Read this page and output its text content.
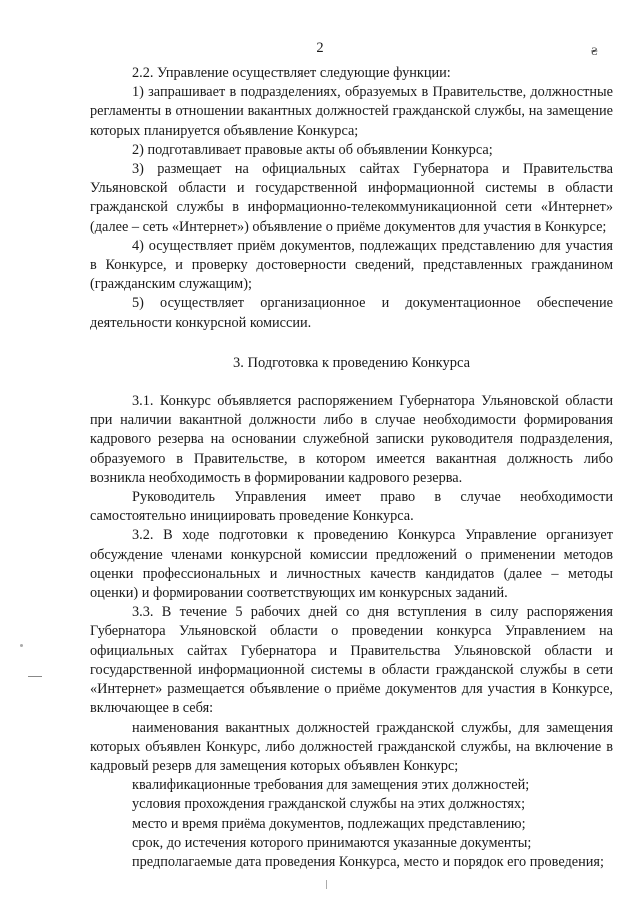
2	₴

2.2. Управление осуществляет следующие функции:

1) запрашивает в подразделениях, образуемых в Правительстве, должностные регламенты в отношении вакантных должностей гражданской службы, на замещение которых планируется объявление Конкурса;

2) подготавливает правовые акты об объявлении Конкурса;

3) размещает на официальных сайтах Губернатора и Правительства Ульяновской области и государственной информационной системы в области гражданской службы в информационно-телекоммуникационной сети «Интернет» (далее – сеть «Интернет») объявление о приёме документов для участия в Конкурсе;

4) осуществляет приём документов, подлежащих представлению для участия в Конкурсе, и проверку достоверности сведений, представленных гражданином (гражданским служащим);

5) осуществляет организационное и документационное обеспечение деятельности конкурсной комиссии.

3. Подготовка к проведению Конкурса

3.1. Конкурс объявляется распоряжением Губернатора Ульяновской области при наличии вакантной должности либо в случае необходимости формирования кадрового резерва на основании служебной записки руководителя подразделения, образуемого в Правительстве, в котором имеется вакантная должность либо возникла необходимость в формировании кадрового резерва.

Руководитель Управления имеет право в случае необходимости самостоятельно инициировать проведение Конкурса.

3.2. В ходе подготовки к проведению Конкурса Управление организует обсуждение членами конкурсной комиссии предложений о применении методов оценки профессиональных и личностных качеств кандидатов (далее – методы оценки) и формировании соответствующих им конкурсных заданий.

3.3. В течение 5 рабочих дней со дня вступления в силу распоряжения Губернатора Ульяновской области о проведении конкурса Управлением на официальных сайтах Губернатора и Правительства Ульяновской области и государственной информационной системы в области гражданской службы в сети «Интернет» размещается объявление о приёме документов для участия в Конкурсе, включающее в себя:

наименования вакантных должностей гражданской службы, для замещения которых объявлен Конкурс, либо должностей гражданской службы, на включение в кадровый резерв для замещения которых объявлен Конкурс;

квалификационные требования для замещения этих должностей;

условия прохождения гражданской службы на этих должностях;

место и время приёма документов, подлежащих представлению;

срок, до истечения которого принимаются указанные документы;

предполагаемые дата проведения Конкурса, место и порядок его проведения;
